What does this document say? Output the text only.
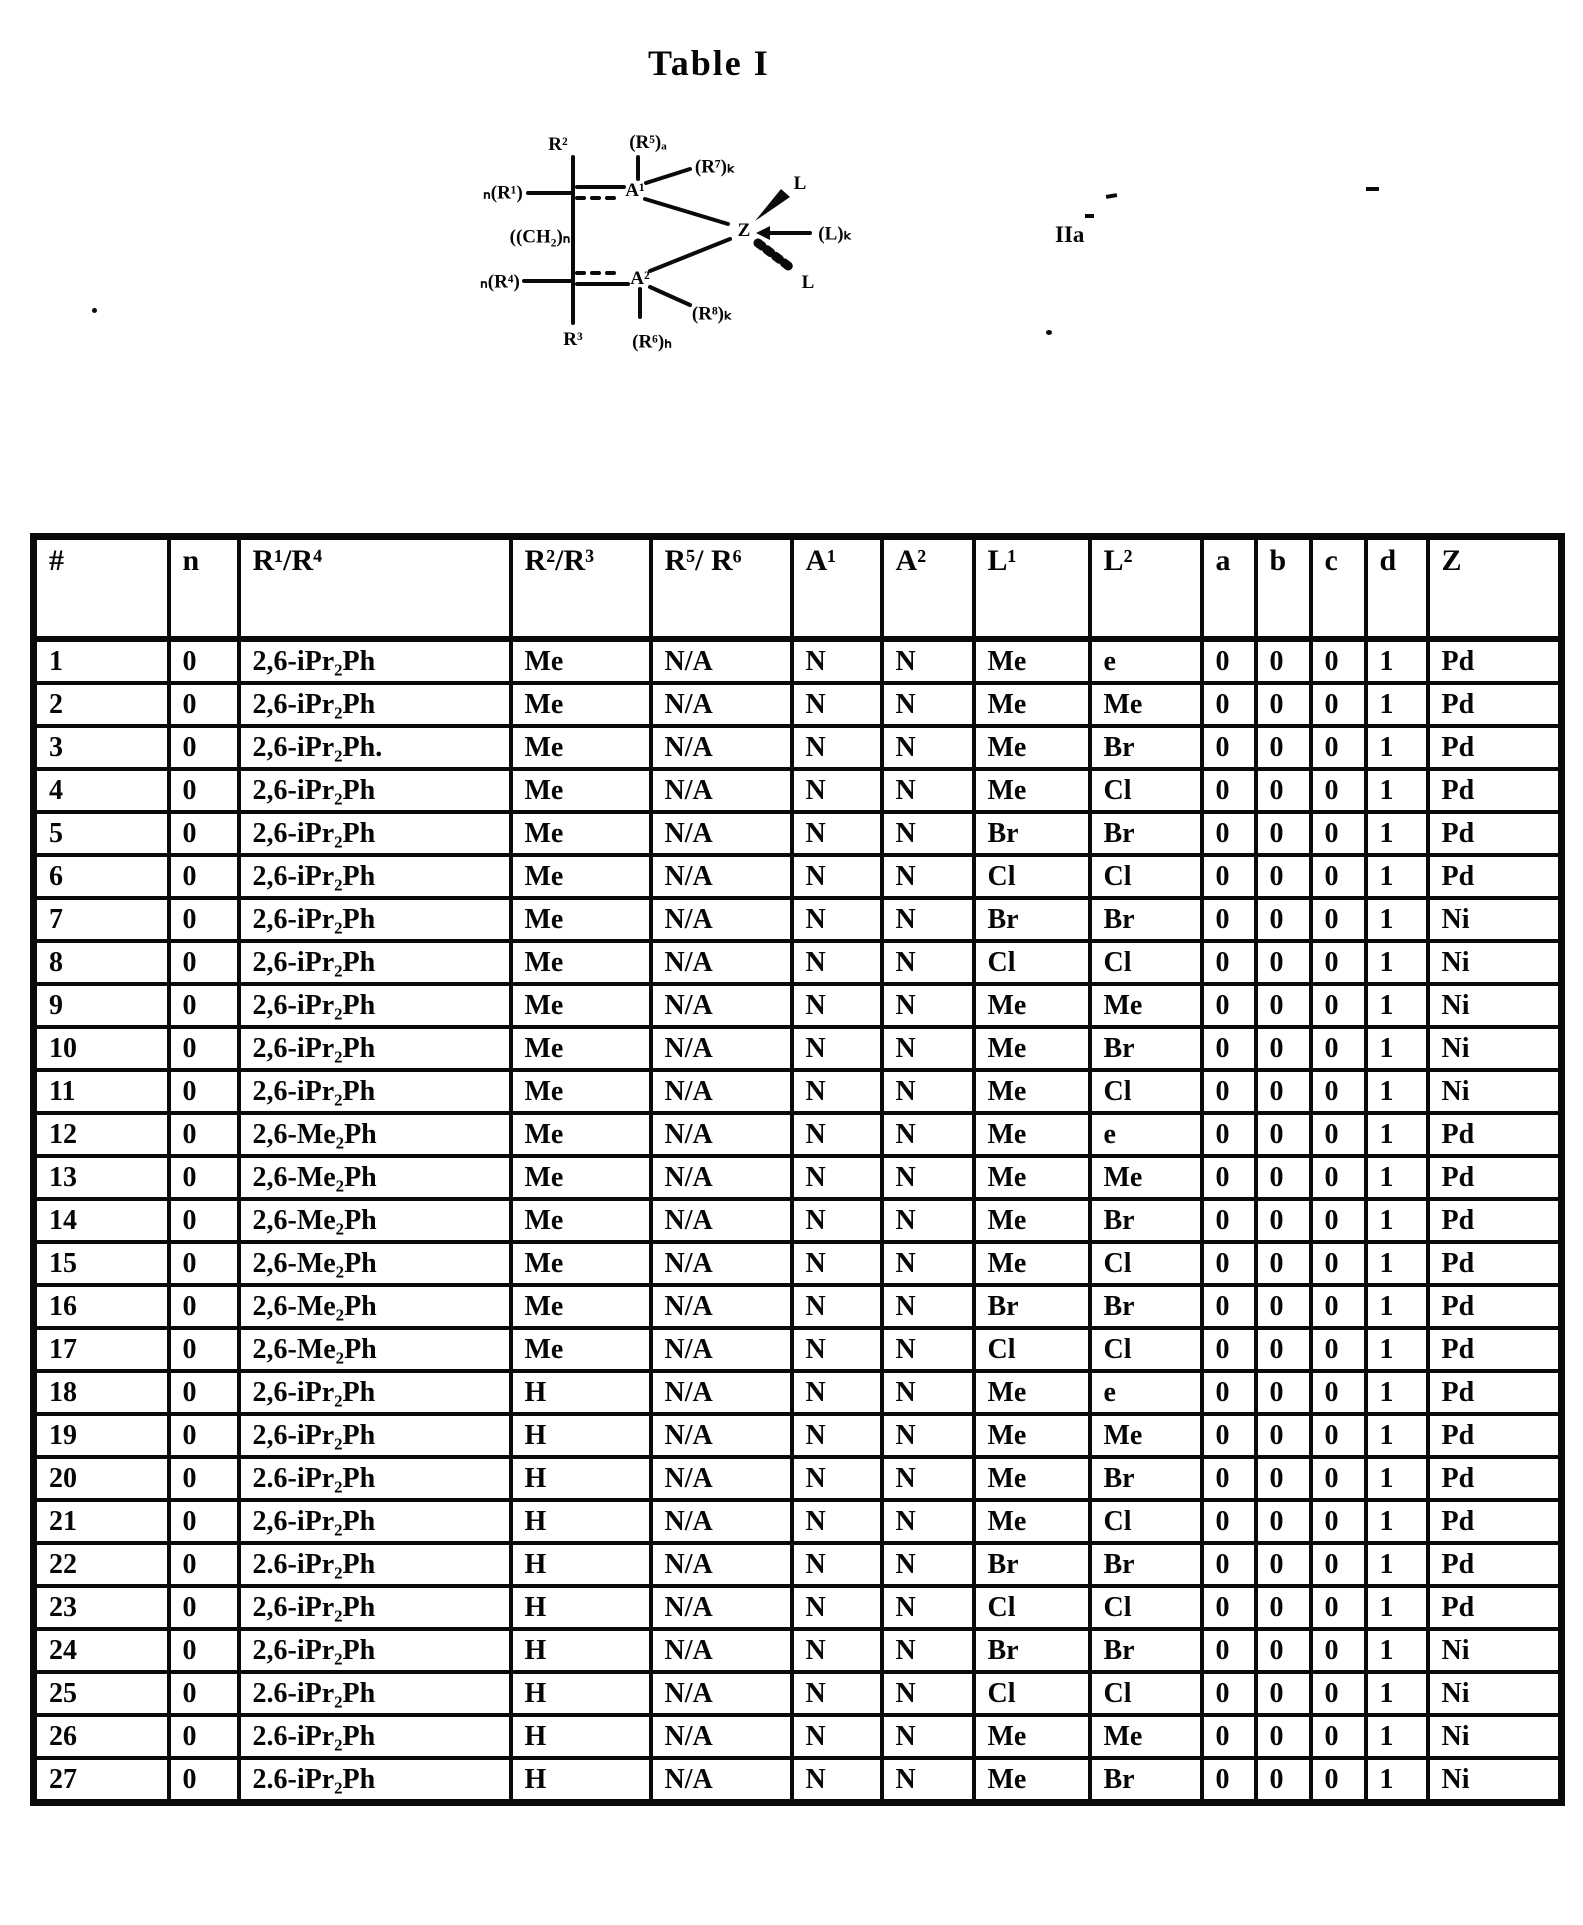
Table I
R²	(R⁵)ₐ
ₙ(R¹)	A¹
(R⁷)ₖ
L
Z	(L)ₖ
L
((CH₂)ₙ
ₙ(R⁴)	A²
(R⁸)ₖ
R³	(R⁶)ₕ
IIa
#	n	R¹/R⁴	R²/R³	R⁵/ R⁶	A¹	A²	L¹	L²	a	b	c	d	Z
1	0	2,6-iPr₂Ph	Me	N/A	N	N	Me	e	0	0	0	1	Pd
2	0	2,6-iPr₂Ph	Me	N/A	N	N	Me	Me	0	0	0	1	Pd
3	0	2,6-iPr₂Ph.	Me	N/A	N	N	Me	Br	0	0	0	1	Pd
4	0	2,6-iPr₂Ph	Me	N/A	N	N	Me	Cl	0	0	0	1	Pd
5	0	2,6-iPr₂Ph	Me	N/A	N	N	Br	Br	0	0	0	1	Pd
6	0	2,6-iPr₂Ph	Me	N/A	N	N	Cl	Cl	0	0	0	1	Pd
7	0	2,6-iPr₂Ph	Me	N/A	N	N	Br	Br	0	0	0	1	Ni
8	0	2,6-iPr₂Ph	Me	N/A	N	N	Cl	Cl	0	0	0	1	Ni
9	0	2,6-iPr₂Ph	Me	N/A	N	N	Me	Me	0	0	0	1	Ni
10	0	2,6-iPr₂Ph	Me	N/A	N	N	Me	Br	0	0	0	1	Ni
11	0	2,6-iPr₂Ph	Me	N/A	N	N	Me	Cl	0	0	0	1	Ni
12	0	2,6-Me₂Ph	Me	N/A	N	N	Me	e	0	0	0	1	Pd
13	0	2,6-Me₂Ph	Me	N/A	N	N	Me	Me	0	0	0	1	Pd
14	0	2,6-Me₂Ph	Me	N/A	N	N	Me	Br	0	0	0	1	Pd
15	0	2,6-Me₂Ph	Me	N/A	N	N	Me	Cl	0	0	0	1	Pd
16	0	2,6-Me₂Ph	Me	N/A	N	N	Br	Br	0	0	0	1	Pd
17	0	2,6-Me₂Ph	Me	N/A	N	N	Cl	Cl	0	0	0	1	Pd
18	0	2,6-iPr₂Ph	H	N/A	N	N	Me	e	0	0	0	1	Pd
19	0	2,6-iPr₂Ph	H	N/A	N	N	Me	Me	0	0	0	1	Pd
20	0	2.6-iPr₂Ph	H	N/A	N	N	Me	Br	0	0	0	1	Pd
21	0	2,6-iPr₂Ph	H	N/A	N	N	Me	Cl	0	0	0	1	Pd
22	0	2.6-iPr₂Ph	H	N/A	N	N	Br	Br	0	0	0	1	Pd
23	0	2,6-iPr₂Ph	H	N/A	N	N	Cl	Cl	0	0	0	1	Pd
24	0	2,6-iPr₂Ph	H	N/A	N	N	Br	Br	0	0	0	1	Ni
25	0	2.6-iPr₂Ph	H	N/A	N	N	Cl	Cl	0	0	0	1	Ni
26	0	2.6-iPr₂Ph	H	N/A	N	N	Me	Me	0	0	0	1	Ni
27	0	2.6-iPr₂Ph	H	N/A	N	N	Me	Br	0	0	0	1	Ni
